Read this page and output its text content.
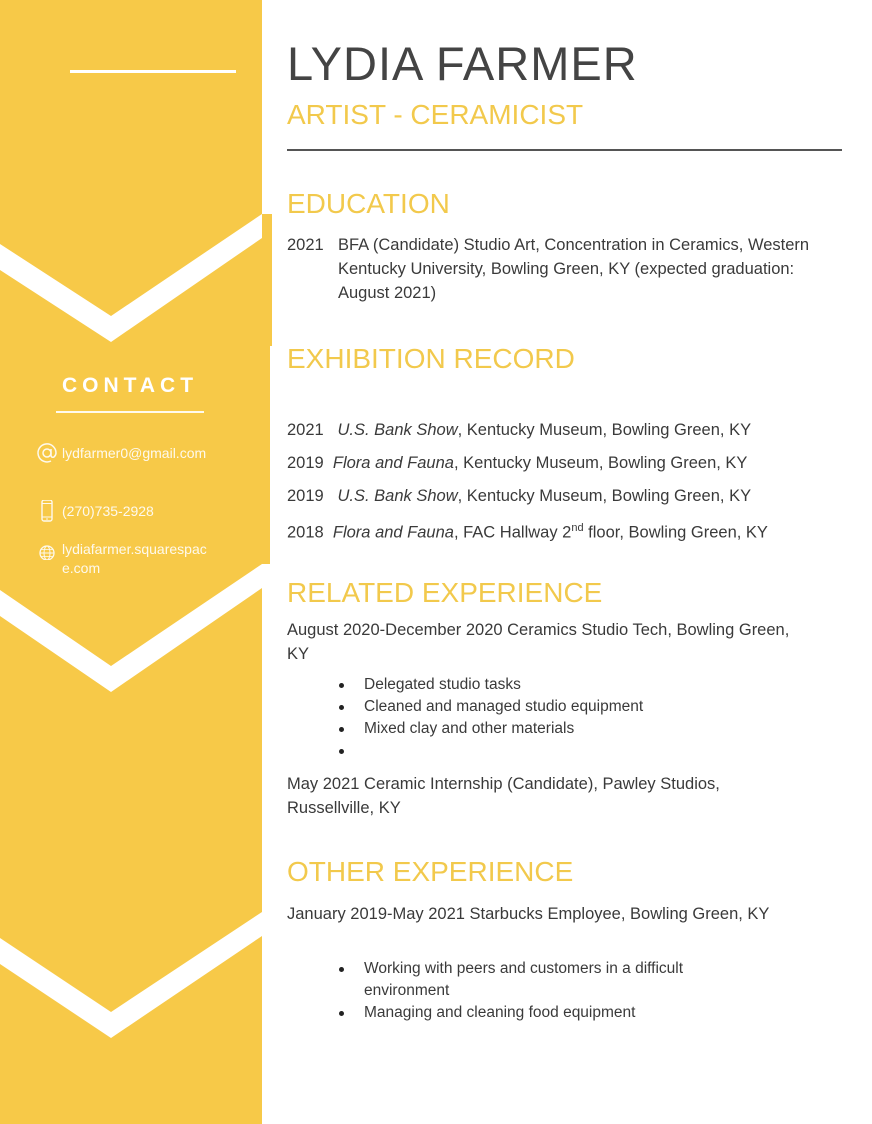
CONTACT
lydfarmer0@gmail.com
(270)735-2928
lydiafarmer.squarespace.com
LYDIA FARMER
ARTIST - CERAMICIST
EDUCATION
2021 BFA (Candidate) Studio Art, Concentration in Ceramics, Western Kentucky University, Bowling Green, KY (expected graduation: August 2021)
EXHIBITION RECORD
2021 U.S. Bank Show, Kentucky Museum, Bowling Green, KY
2019 Flora and Fauna, Kentucky Museum, Bowling Green, KY
2019 U.S. Bank Show, Kentucky Museum, Bowling Green, KY
2018 Flora and Fauna, FAC Hallway 2nd floor, Bowling Green, KY
RELATED EXPERIENCE
August 2020-December 2020 Ceramics Studio Tech, Bowling Green, KY
Delegated studio tasks
Cleaned and managed studio equipment
Mixed clay and other materials
May 2021 Ceramic Internship (Candidate), Pawley Studios, Russellville, KY
OTHER EXPERIENCE
January 2019-May 2021 Starbucks Employee, Bowling Green, KY
Working with peers and customers in a difficult environment
Managing and cleaning food equipment
